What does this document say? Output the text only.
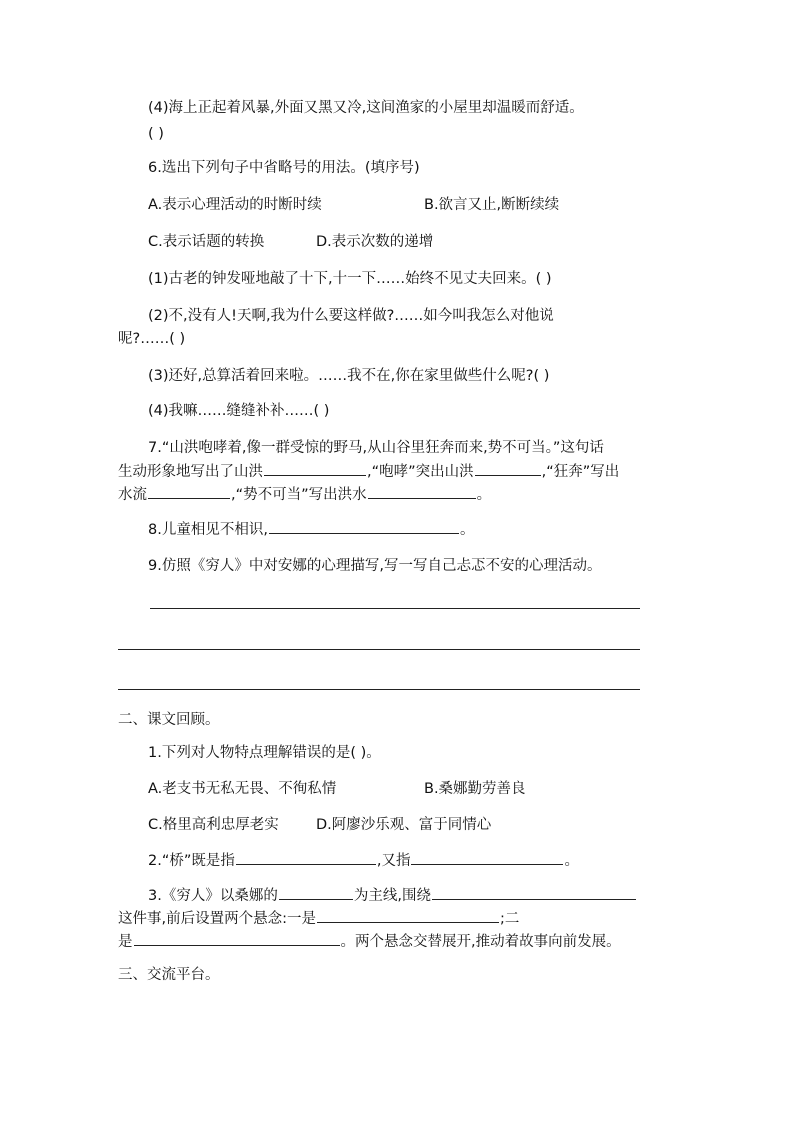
(4)海上正起着风暴,外面又黑又冷,这间渔家的小屋里却温暖而舒适。
( )
6.选出下列句子中省略号的用法。(填序号)
A.表示心理活动的时断时续	B.欲言又止,断断续续
C.表示话题的转换	D.表示次数的递增
(1)古老的钟发哑地敲了十下,十一下……始终不见丈夫回来。( )
(2)不,没有人!天啊,我为什么要这样做?……如今叫我怎么对他说
呢?……( )
(3)还好,总算活着回来啦。……我不在,你在家里做些什么呢?( )
(4)我嘛……缝缝补补……( )
7.“山洪咆哮着,像一群受惊的野马,从山谷里狂奔而来,势不可当。”这句话
生动形象地写出了山洪	,“咆哮”突出山洪	,“狂奔”写出
水流	,“势不可当”写出洪水	。
8.儿童相见不相识,	。
9.仿照《穷人》中对安娜的心理描写,写一写自己忐忑不安的心理活动。
二、课文回顾。
1.下列对人物特点理解错误的是( )。
A.老支书无私无畏、不徇私情	B.桑娜勤劳善良
C.格里高利忠厚老实	D.阿廖沙乐观、富于同情心
2.“桥”既是指	,又指	。
3.《穷人》以桑娜的	为主线,围绕
这件事,前后设置两个悬念:一是	;二
是	。两个悬念交替展开,推动着故事向前发展。
三、交流平台。
